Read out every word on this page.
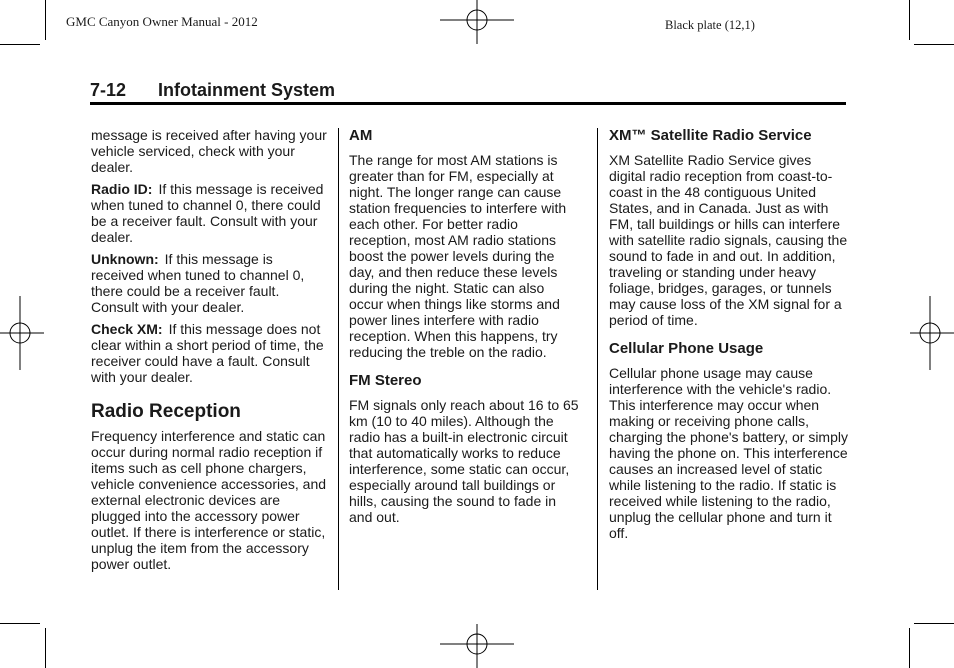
GMC Canyon Owner Manual - 2012	Black plate (12,1)
7-12 Infotainment System

message is received after having your vehicle serviced, check with your dealer.

Radio ID: If this message is received when tuned to channel 0, there could be a receiver fault. Consult with your dealer.

Unknown: If this message is received when tuned to channel 0, there could be a receiver fault. Consult with your dealer.

Check XM: If this message does not clear within a short period of time, the receiver could have a fault. Consult with your dealer.

Radio Reception

Frequency interference and static can occur during normal radio reception if items such as cell phone chargers, vehicle convenience accessories, and external electronic devices are plugged into the accessory power outlet. If there is interference or static, unplug the item from the accessory power outlet.

AM

The range for most AM stations is greater than for FM, especially at night. The longer range can cause station frequencies to interfere with each other. For better radio reception, most AM radio stations boost the power levels during the day, and then reduce these levels during the night. Static can also occur when things like storms and power lines interfere with radio reception. When this happens, try reducing the treble on the radio.

FM Stereo

FM signals only reach about 16 to 65 km (10 to 40 miles). Although the radio has a built-in electronic circuit that automatically works to reduce interference, some static can occur, especially around tall buildings or hills, causing the sound to fade in and out.

XM™ Satellite Radio Service

XM Satellite Radio Service gives digital radio reception from coast-to-coast in the 48 contiguous United States, and in Canada. Just as with FM, tall buildings or hills can interfere with satellite radio signals, causing the sound to fade in and out. In addition, traveling or standing under heavy foliage, bridges, garages, or tunnels may cause loss of the XM signal for a period of time.

Cellular Phone Usage

Cellular phone usage may cause interference with the vehicle's radio. This interference may occur when making or receiving phone calls, charging the phone's battery, or simply having the phone on. This interference causes an increased level of static while listening to the radio. If static is received while listening to the radio, unplug the cellular phone and turn it off.
